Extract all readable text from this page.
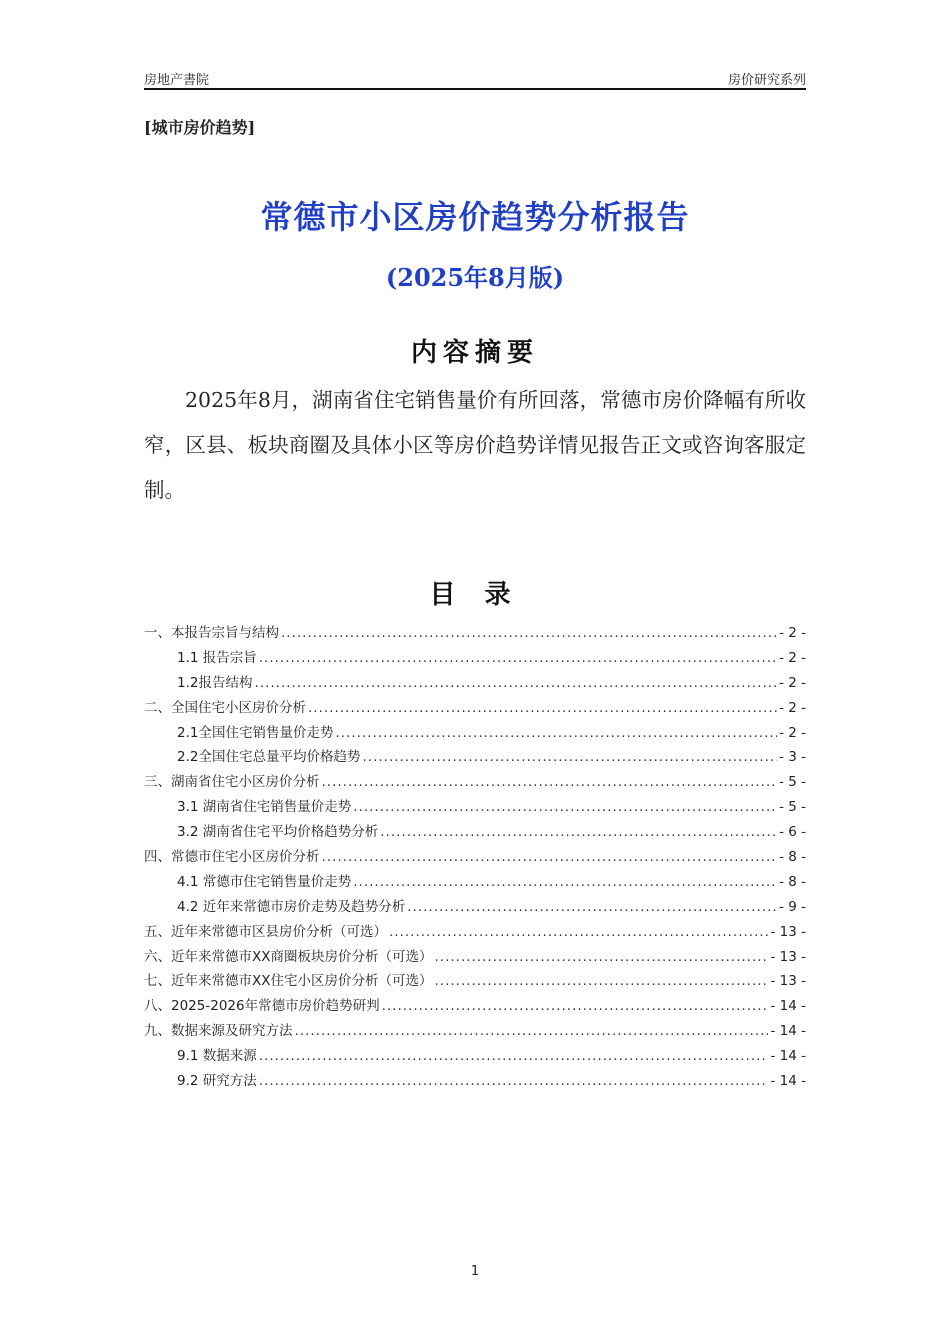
房地产書院	房价研究系列
[城市房价趋势]
常德市小区房价趋势分析报告
(2025年8月版)
内容摘要
2025年8月，湖南省住宅销售量价有所回落，常德市房价降幅有所收窄，区县、板块商圈及具体小区等房价趋势详情见报告正文或咨询客服定制。
目 录
一、本报告宗旨与结构 .....	- 2 -
1.1 报告宗旨 .....	- 2 -
1.2报告结构 .....	- 2 -
二、全国住宅小区房价分析 .....	- 2 -
2.1全国住宅销售量价走势 .....	- 2 -
2.2全国住宅总量平均价格趋势 .....	- 3 -
三、湖南省住宅小区房价分析 .....	- 5 -
3.1 湖南省住宅销售量价走势 .....	- 5 -
3.2 湖南省住宅平均价格趋势分析 .....	- 6 -
四、常德市住宅小区房价分析 .....	- 8 -
4.1 常德市住宅销售量价走势 .....	- 8 -
4.2 近年来常德市房价走势及趋势分析 .....	- 9 -
五、近年来常德市区县房价分析（可选） .....	- 13 -
六、近年来常德市XX商圈板块房价分析（可选） .....	- 13 -
七、近年来常德市XX住宅小区房价分析（可选） .....	- 13 -
八、2025-2026年常德市房价趋势研判 .....	- 14 -
九、数据来源及研究方法 .....	- 14 -
9.1 数据来源 .....	- 14 -
9.2 研究方法 .....	- 14 -
1
